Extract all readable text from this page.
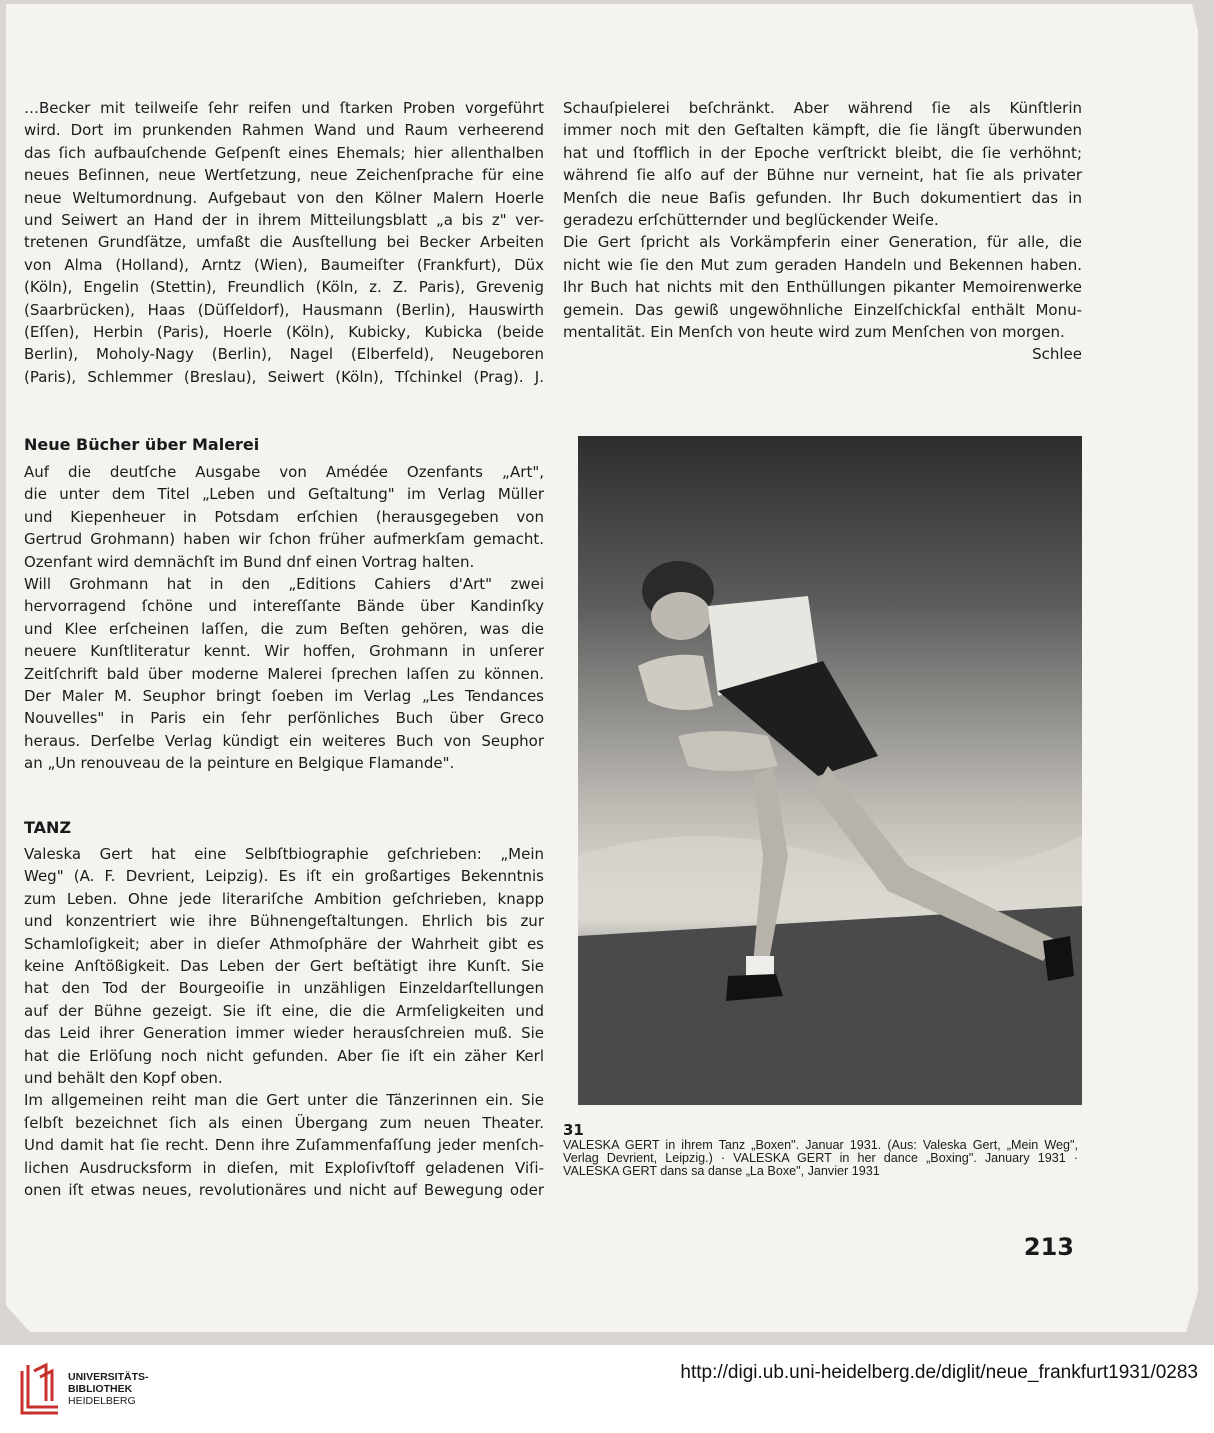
…Becker mit teilweiſe ſehr reifen und ſtarken Proben vorgeführt

wird. Dort im prunkenden Rahmen Wand und Raum verheerend

das ſich aufbauſchende Geſpenſt eines Ehemals; hier allenthalben

neues Beſinnen, neue Wertſetzung, neue Zeichenſprache für eine

neue Weltumordnung. Aufgebaut von den Kölner Malern Hoerle

und Seiwert an Hand der in ihrem Mitteilungsblatt „a bis z" ver-

tretenen Grundſätze, umfaßt die Ausſtellung bei Becker Arbeiten

von Alma (Holland), Arntz (Wien), Baumeiſter (Frankfurt), Düx

(Köln), Engelin (Stettin), Freundlich (Köln, z. Z. Paris), Grevenig

(Saarbrücken), Haas (Düſſeldorf), Hausmann (Berlin), Hauswirth

(Eſſen), Herbin (Paris), Hoerle (Köln), Kubicky, Kubicka (beide

Berlin), Moholy-Nagy (Berlin), Nagel (Elberfeld), Neugeboren

(Paris), Schlemmer (Breslau), Seiwert (Köln), Tſchinkel (Prag). J.

Schauſpielerei beſchränkt. Aber während ſie als Künſtlerin

immer noch mit den Geſtalten kämpft, die ſie längſt überwunden

hat und ſtofflich in der Epoche verſtrickt bleibt, die ſie verhöhnt;

während ſie alſo auf der Bühne nur verneint, hat ſie als privater

Menſch die neue Baſis gefunden. Ihr Buch dokumentiert das in

geradezu erſchütternder und beglückender Weiſe.

Die Gert ſpricht als Vorkämpferin einer Generation, für alle, die

nicht wie ſie den Mut zum geraden Handeln und Bekennen haben.

Ihr Buch hat nichts mit den Enthüllungen pikanter Memoirenwerke

gemein. Das gewiß ungewöhnliche Einzelſchickſal enthält Monu-

mentalität. Ein Menſch von heute wird zum Menſchen von morgen.

Schlee

Neue Bücher über Malerei

Auf die deutſche Ausgabe von Amédée Ozenfants „Art",

die unter dem Titel „Leben und Geſtaltung" im Verlag Müller

und Kiepenheuer in Potsdam erſchien (herausgegeben von

Gertrud Grohmann) haben wir ſchon früher aufmerkſam gemacht.

Ozenfant wird demnächſt im Bund dnf einen Vortrag halten.

Will Grohmann hat in den „Editions Cahiers d'Art" zwei

hervorragend ſchöne und intereſſante Bände über Kandinſky

und Klee erſcheinen laſſen, die zum Beſten gehören, was die

neuere Kunſtliteratur kennt. Wir hoffen, Grohmann in unſerer

Zeitſchrift bald über moderne Malerei ſprechen laſſen zu können.

Der Maler M. Seuphor bringt ſoeben im Verlag „Les Tendances

Nouvelles" in Paris ein ſehr perſönliches Buch über Greco

heraus. Derſelbe Verlag kündigt ein weiteres Buch von Seuphor

an „Un renouveau de la peinture en Belgique Flamande".

TANZ

Valeska Gert hat eine Selbſtbiographie geſchrieben: „Mein

Weg" (A. F. Devrient, Leipzig). Es iſt ein großartiges Bekenntnis

zum Leben. Ohne jede literariſche Ambition geſchrieben, knapp

und konzentriert wie ihre Bühnengeſtaltungen. Ehrlich bis zur

Schamloſigkeit; aber in dieſer Athmoſphäre der Wahrheit gibt es

keine Anſtößigkeit. Das Leben der Gert beſtätigt ihre Kunſt. Sie

hat den Tod der Bourgeoiſie in unzähligen Einzeldarſtellungen

auf der Bühne gezeigt. Sie iſt eine, die die Armſeligkeiten und

das Leid ihrer Generation immer wieder herausſchreien muß. Sie

hat die Erlöſung noch nicht gefunden. Aber ſie iſt ein zäher Kerl

und behält den Kopf oben.

Im allgemeinen reiht man die Gert unter die Tänzerinnen ein. Sie

ſelbſt bezeichnet ſich als einen Übergang zum neuen Theater.

Und damit hat ſie recht. Denn ihre Zuſammenfaſſung jeder menſch-

lichen Ausdrucksform in dieſen, mit Exploſivſtoff geladenen Viſi-

onen iſt etwas neues, revolutionäres und nicht auf Bewegung oder

31
VALESKA GERT in ihrem Tanz „Boxen". Januar 1931. (Aus: Valeska Gert, „Mein Weg", Verlag Devrient, Leipzig.) · VALESKA GERT in her dance „Boxing". January 1931 · VALESKA GERT dans sa danse „La Boxe", Janvier 1931
213
UNIVERSITÄTS-
BIBLIOTHEK
HEIDELBERG
http://digi.ub.uni-heidelberg.de/diglit/neue_frankfurt1931/0283
